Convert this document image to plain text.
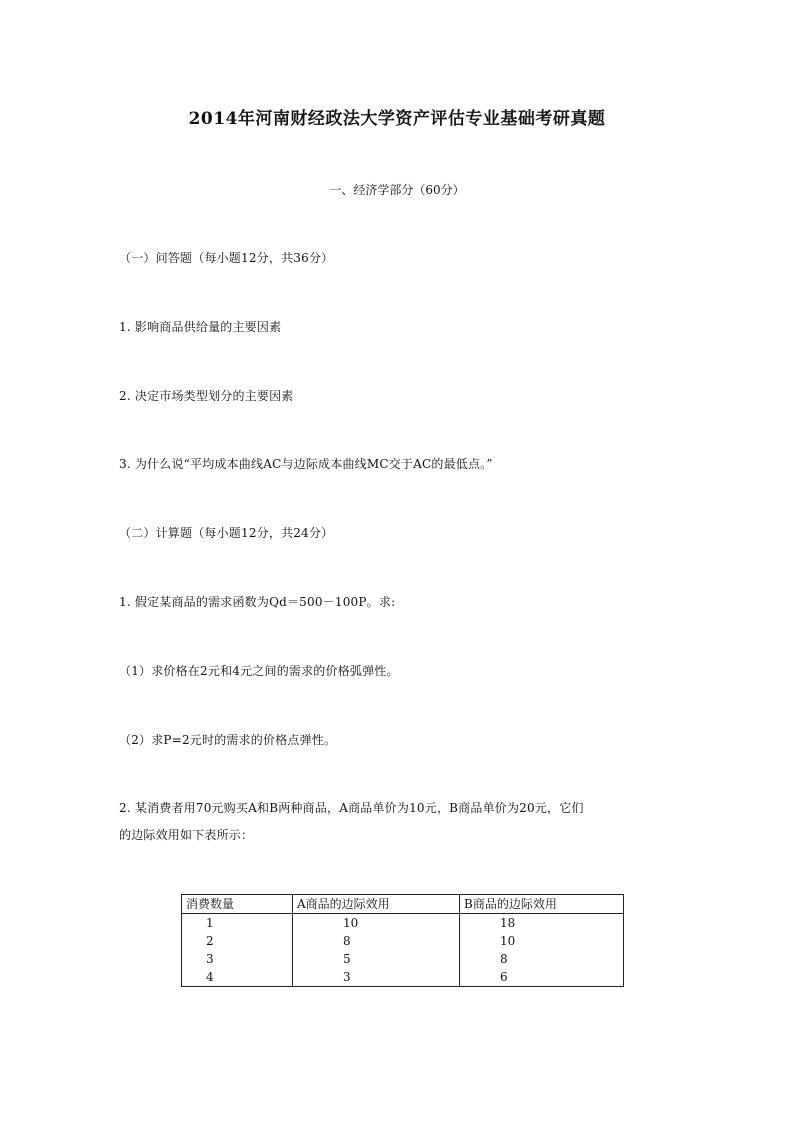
2014年河南财经政法大学资产评估专业基础考研真题
一、经济学部分（60分）
（一）问答题（每小题12分，共36分）
1. 影响商品供给量的主要因素
2. 决定市场类型划分的主要因素
3. 为什么说“平均成本曲线AC与边际成本曲线MC交于AC的最低点。”
（二）计算题（每小题12分，共24分）
1. 假定某商品的需求函数为Qd＝500－100P。求:
（1）求价格在2元和4元之间的需求的价格弧弹性。
（2）求P=2元时的需求的价格点弹性。
2. 某消费者用70元购买A和B两种商品，A商品单价为10元，B商品单价为20元，它们
的边际效用如下表所示：
消费数量	A商品的边际效用	B商品的边际效用
1	10	18
2	8	10
3	5	8
4	3	6
